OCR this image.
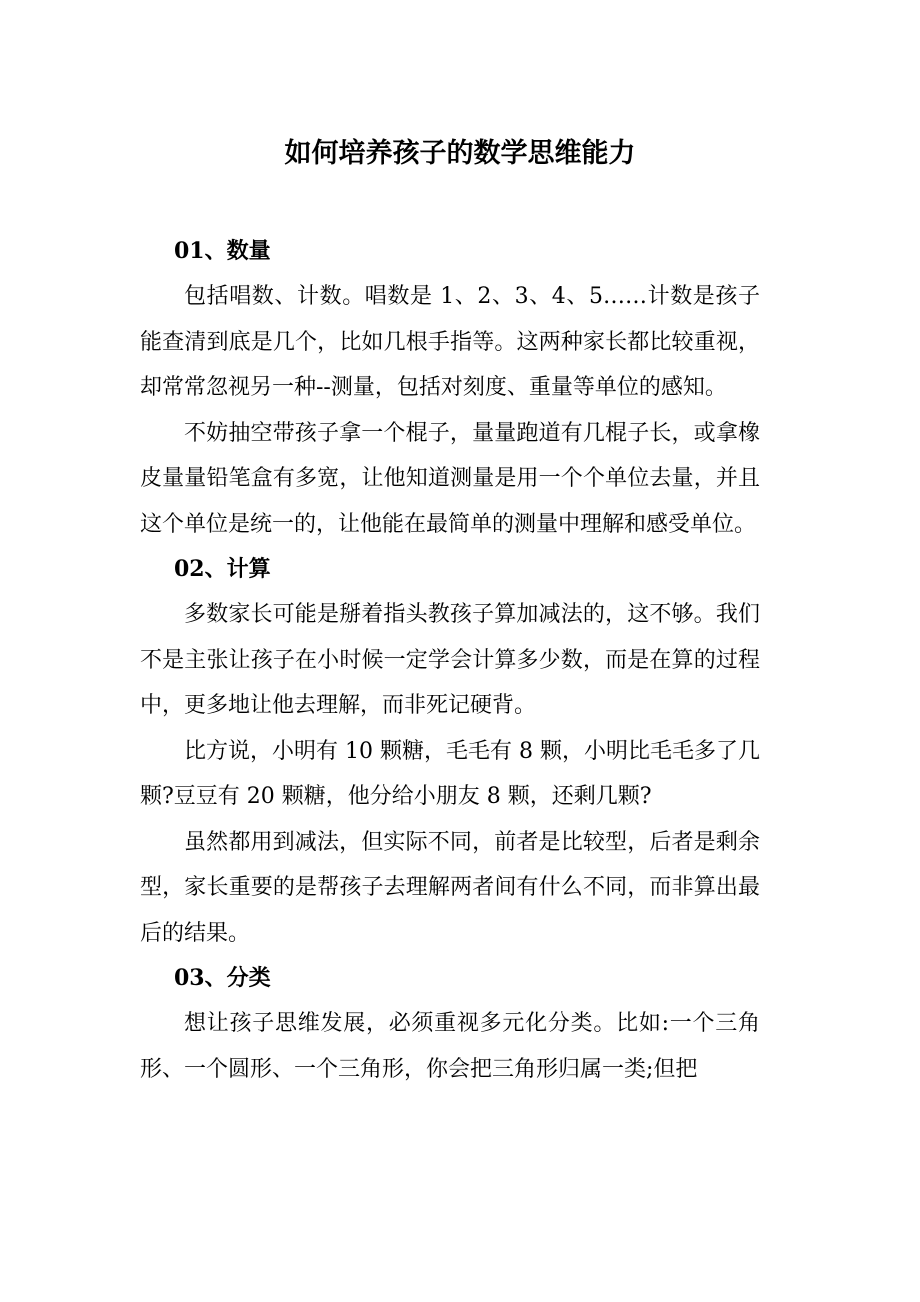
如何培养孩子的数学思维能力

01、数量

包括唱数、计数。唱数是 1、2、3、4、5……计数是孩子能查清到底是几个，比如几根手指等。这两种家长都比较重视，却常常忽视另一种--测量，包括对刻度、重量等单位的感知。

不妨抽空带孩子拿一个棍子，量量跑道有几棍子长，或拿橡皮量量铅笔盒有多宽，让他知道测量是用一个个单位去量，并且这个单位是统一的，让他能在最简单的测量中理解和感受单位。

02、计算

多数家长可能是掰着指头教孩子算加减法的，这不够。我们不是主张让孩子在小时候一定学会计算多少数，而是在算的过程中，更多地让他去理解，而非死记硬背。

比方说，小明有 10 颗糖，毛毛有 8 颗，小明比毛毛多了几颗?豆豆有 20 颗糖，他分给小朋友 8 颗，还剩几颗?

虽然都用到减法，但实际不同，前者是比较型，后者是剩余型，家长重要的是帮孩子去理解两者间有什么不同，而非算出最后的结果。

03、分类

想让孩子思维发展，必须重视多元化分类。比如:一个三角形、一个圆形、一个三角形，你会把三角形归属一类;但把
